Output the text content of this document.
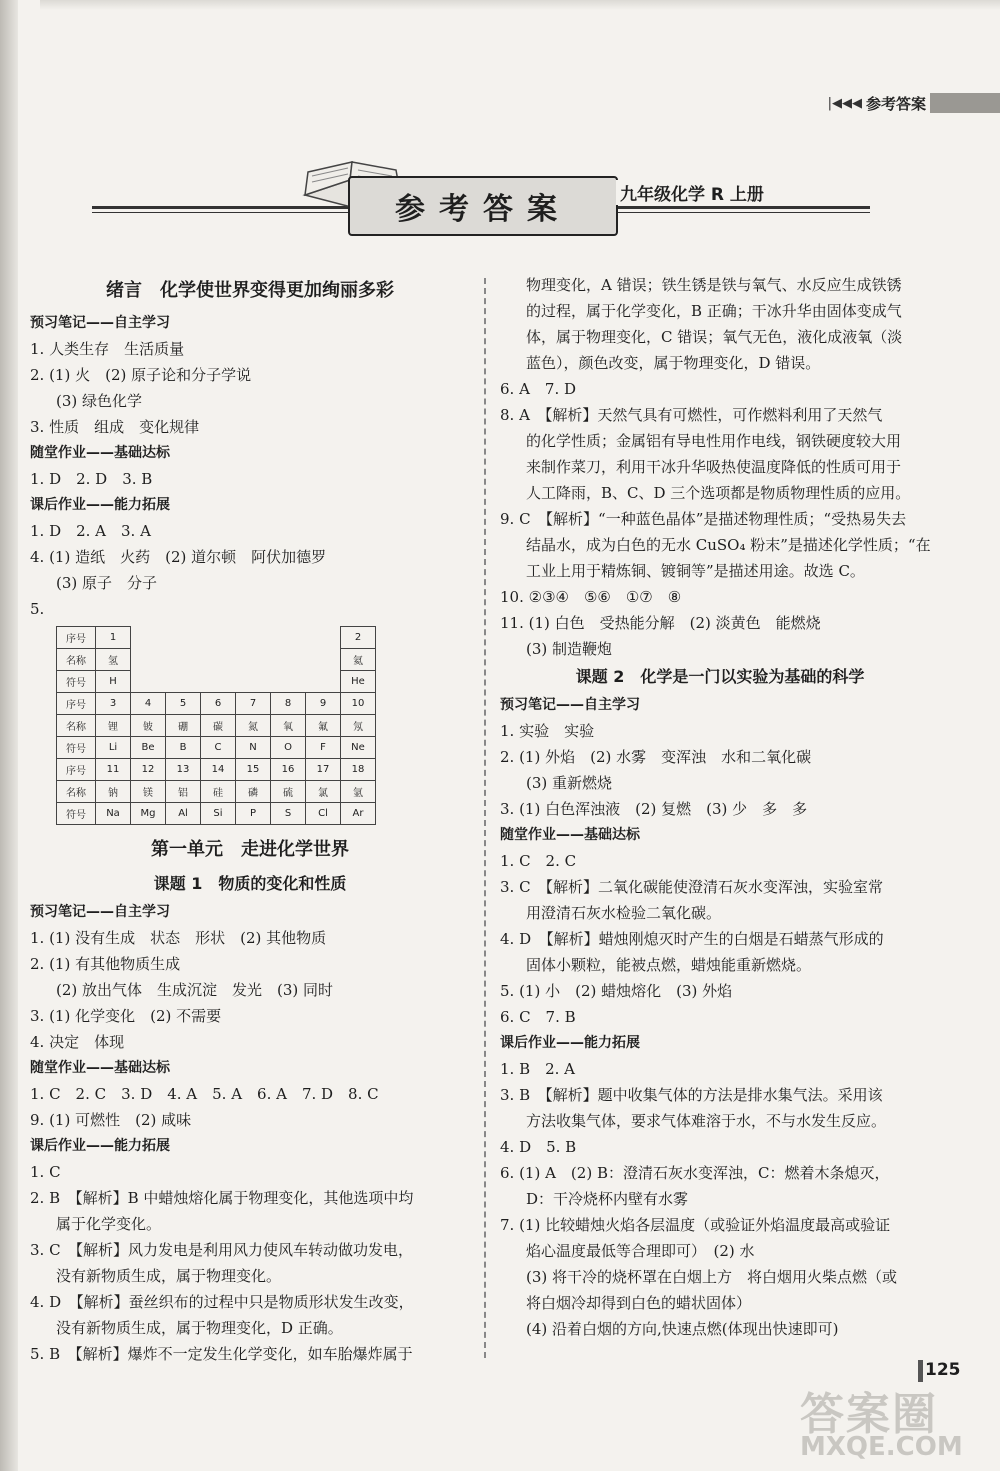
|◀◀◀ 参考答案
参考答案	九年级化学 R 上册
绪言　化学使世界变得更加绚丽多彩
预习笔记——自主学习
1. 人类生存　生活质量
2. (1) 火　(2) 原子论和分子学说
(3) 绿色化学
3. 性质　组成　变化规律
随堂作业——基础达标
1. D　2. D　3. B
课后作业——能力拓展
1. D　2. A　3. A
4. (1) 造纸　火药　(2) 道尔顿　阿伏加德罗
(3) 原子　分子
5.
序号	1							2
名称	氢							氦
符号	H							He
序号	3	4	5	6	7	8	9	10
名称	锂	铍	硼	碳	氮	氧	氟	氖
符号	Li	Be	B	C	N	O	F	Ne
序号	11	12	13	14	15	16	17	18
名称	钠	镁	铝	硅	磷	硫	氯	氩
符号	Na	Mg	Al	Si	P	S	Cl	Ar
第一单元　走进化学世界
课题 1　物质的变化和性质
预习笔记——自主学习
1. (1) 没有生成　状态　形状　(2) 其他物质
2. (1) 有其他物质生成
(2) 放出气体　生成沉淀　发光　(3) 同时
3. (1) 化学变化　(2) 不需要
4. 决定　体现
随堂作业——基础达标
1. C　2. C　3. D　4. A　5. A　6. A　7. D　8. C
9. (1) 可燃性　(2) 咸味
课后作业——能力拓展
1. C
2. B　【解析】B 中蜡烛熔化属于物理变化，其他选项中均
属于化学变化。
3. C　【解析】风力发电是利用风力使风车转动做功发电，
没有新物质生成，属于物理变化。
4. D　【解析】蚕丝织布的过程中只是物质形状发生改变，
没有新物质生成，属于物理变化，D 正确。
5. B　【解析】爆炸不一定发生化学变化，如车胎爆炸属于
物理变化，A 错误；铁生锈是铁与氧气、水反应生成铁锈
的过程，属于化学变化，B 正确；干冰升华由固体变成气
体，属于物理变化，C 错误；氧气无色，液化成液氧（淡
蓝色），颜色改变，属于物理变化，D 错误。
6. A　7. D
8. A　【解析】天然气具有可燃性，可作燃料利用了天然气
的化学性质；金属铝有导电性用作电线，钢铁硬度较大用
来制作菜刀，利用干冰升华吸热使温度降低的性质可用于
人工降雨，B、C、D 三个选项都是物质物理性质的应用。
9. C　【解析】“一种蓝色晶体”是描述物理性质；“受热易失去
结晶水，成为白色的无水 CuSO₄ 粉末”是描述化学性质；“在
工业上用于精炼铜、镀铜等”是描述用途。故选 C。
10. ②③④　⑤⑥　①⑦　⑧
11. (1) 白色　受热能分解　(2) 淡黄色　能燃烧
(3) 制造鞭炮
课题 2　化学是一门以实验为基础的科学
预习笔记——自主学习
1. 实验　实验
2. (1) 外焰　(2) 水雾　变浑浊　水和二氧化碳
(3) 重新燃烧
3. (1) 白色浑浊液　(2) 复燃　(3) 少　多　多
随堂作业——基础达标
1. C　2. C
3. C　【解析】二氧化碳能使澄清石灰水变浑浊，实验室常
用澄清石灰水检验二氧化碳。
4. D　【解析】蜡烛刚熄灭时产生的白烟是石蜡蒸气形成的
固体小颗粒，能被点燃，蜡烛能重新燃烧。
5. (1) 小　(2) 蜡烛熔化　(3) 外焰
6. C　7. B
课后作业——能力拓展
1. B　2. A
3. B　【解析】题中收集气体的方法是排水集气法。采用该
方法收集气体，要求气体难溶于水，不与水发生反应。
4. D　5. B
6. (1) A　(2) B：澄清石灰水变浑浊，C：燃着木条熄灭，
D：干冷烧杯内壁有水雾
7. (1) 比较蜡烛火焰各层温度（或验证外焰温度最高或验证
焰心温度最低等合理即可）　(2) 水
(3) 将干冷的烧杯罩在白烟上方　将白烟用火柴点燃（或
将白烟冷却得到白色的蜡状固体）
(4) 沿着白烟的方向,快速点燃(体现出快速即可)
125
答案圈
MXQE.COM
